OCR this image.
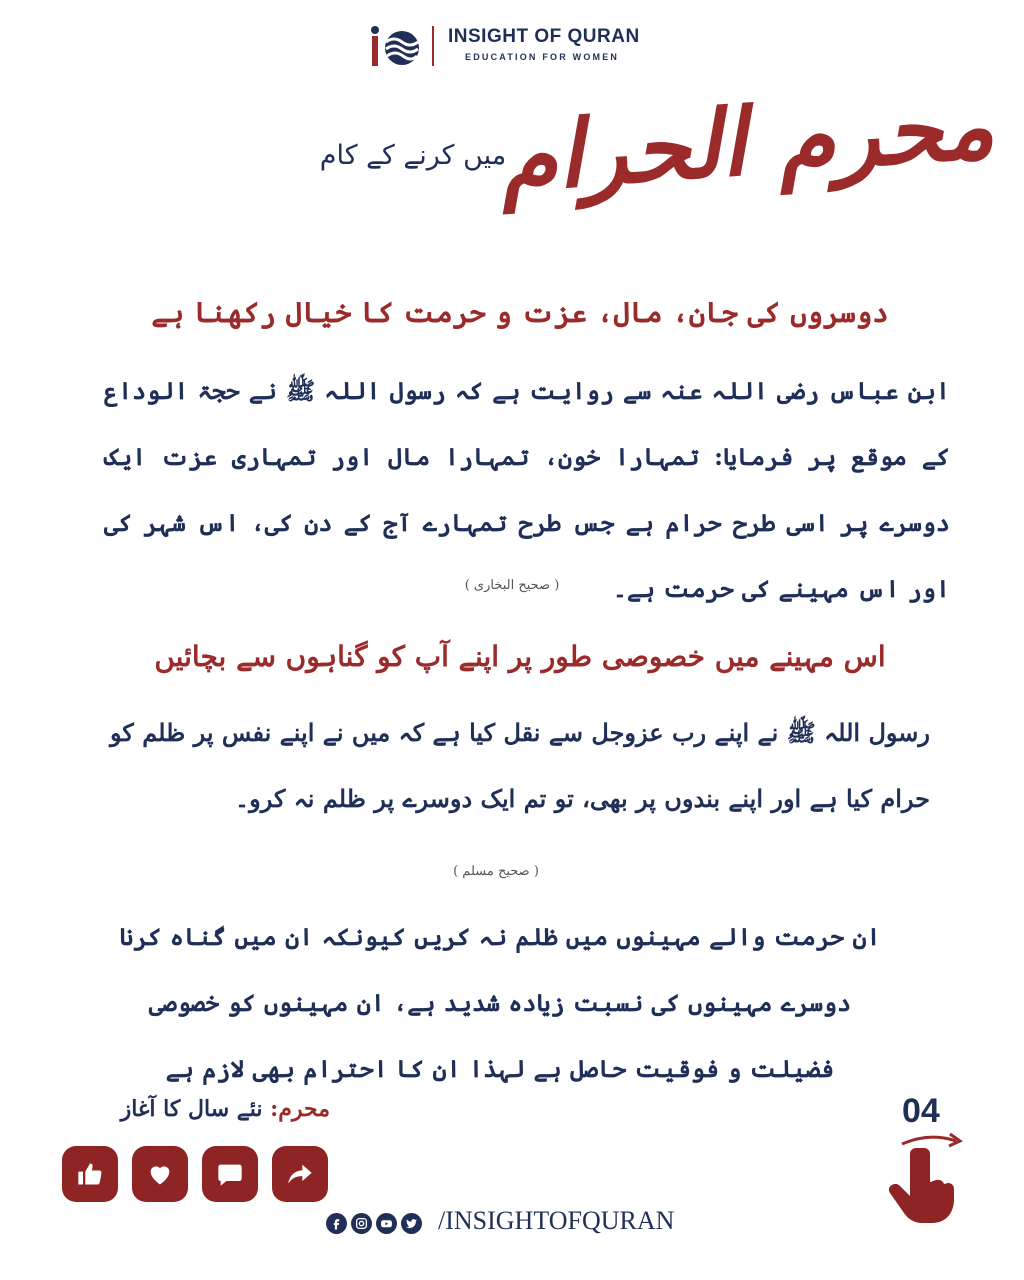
INSIGHT OF QURAN
EDUCATION FOR WOMEN
محرم الحرام
میں کرنے کے کام
دوسروں کی جان، مال، عزت و حرمت کا خیال رکھنا ہے
ابن عباس رضی اللہ عنہ سے روایت ہے کہ رسول اللہ ﷺ نے حجۃ الوداع کے موقع پر فرمایا: تمہارا خون، تمہارا مال اور تمہاری عزت ایک دوسرے پر اسی طرح حرام ہے جس طرح تمہارے آج کے دن کی، اس شہر کی اور اس مہینے کی حرمت ہے۔
( صحیح البخاری )
اس مہینے میں خصوصی طور پر اپنے آپ کو گناہوں سے بچائیں
رسول اللہ ﷺ نے اپنے رب عزوجل سے نقل کیا ہے کہ میں نے اپنے نفس پر ظلم کو حرام کیا ہے اور اپنے بندوں پر بھی، تو تم ایک دوسرے پر ظلم نہ کرو۔
( صحیح مسلم )
ان حرمت والے مہینوں میں ظلم نہ کریں کیونکہ ان میں گناہ کرنا دوسرے مہینوں کی نسبت زیادہ شدید ہے، ان مہینوں کو خصوصی فضیلت و فوقیت حاصل ہے لہذا ان کا احترام بھی لازم ہے
محرم: نئے سال کا آغاز	04
/INSIGHTOFQURAN
